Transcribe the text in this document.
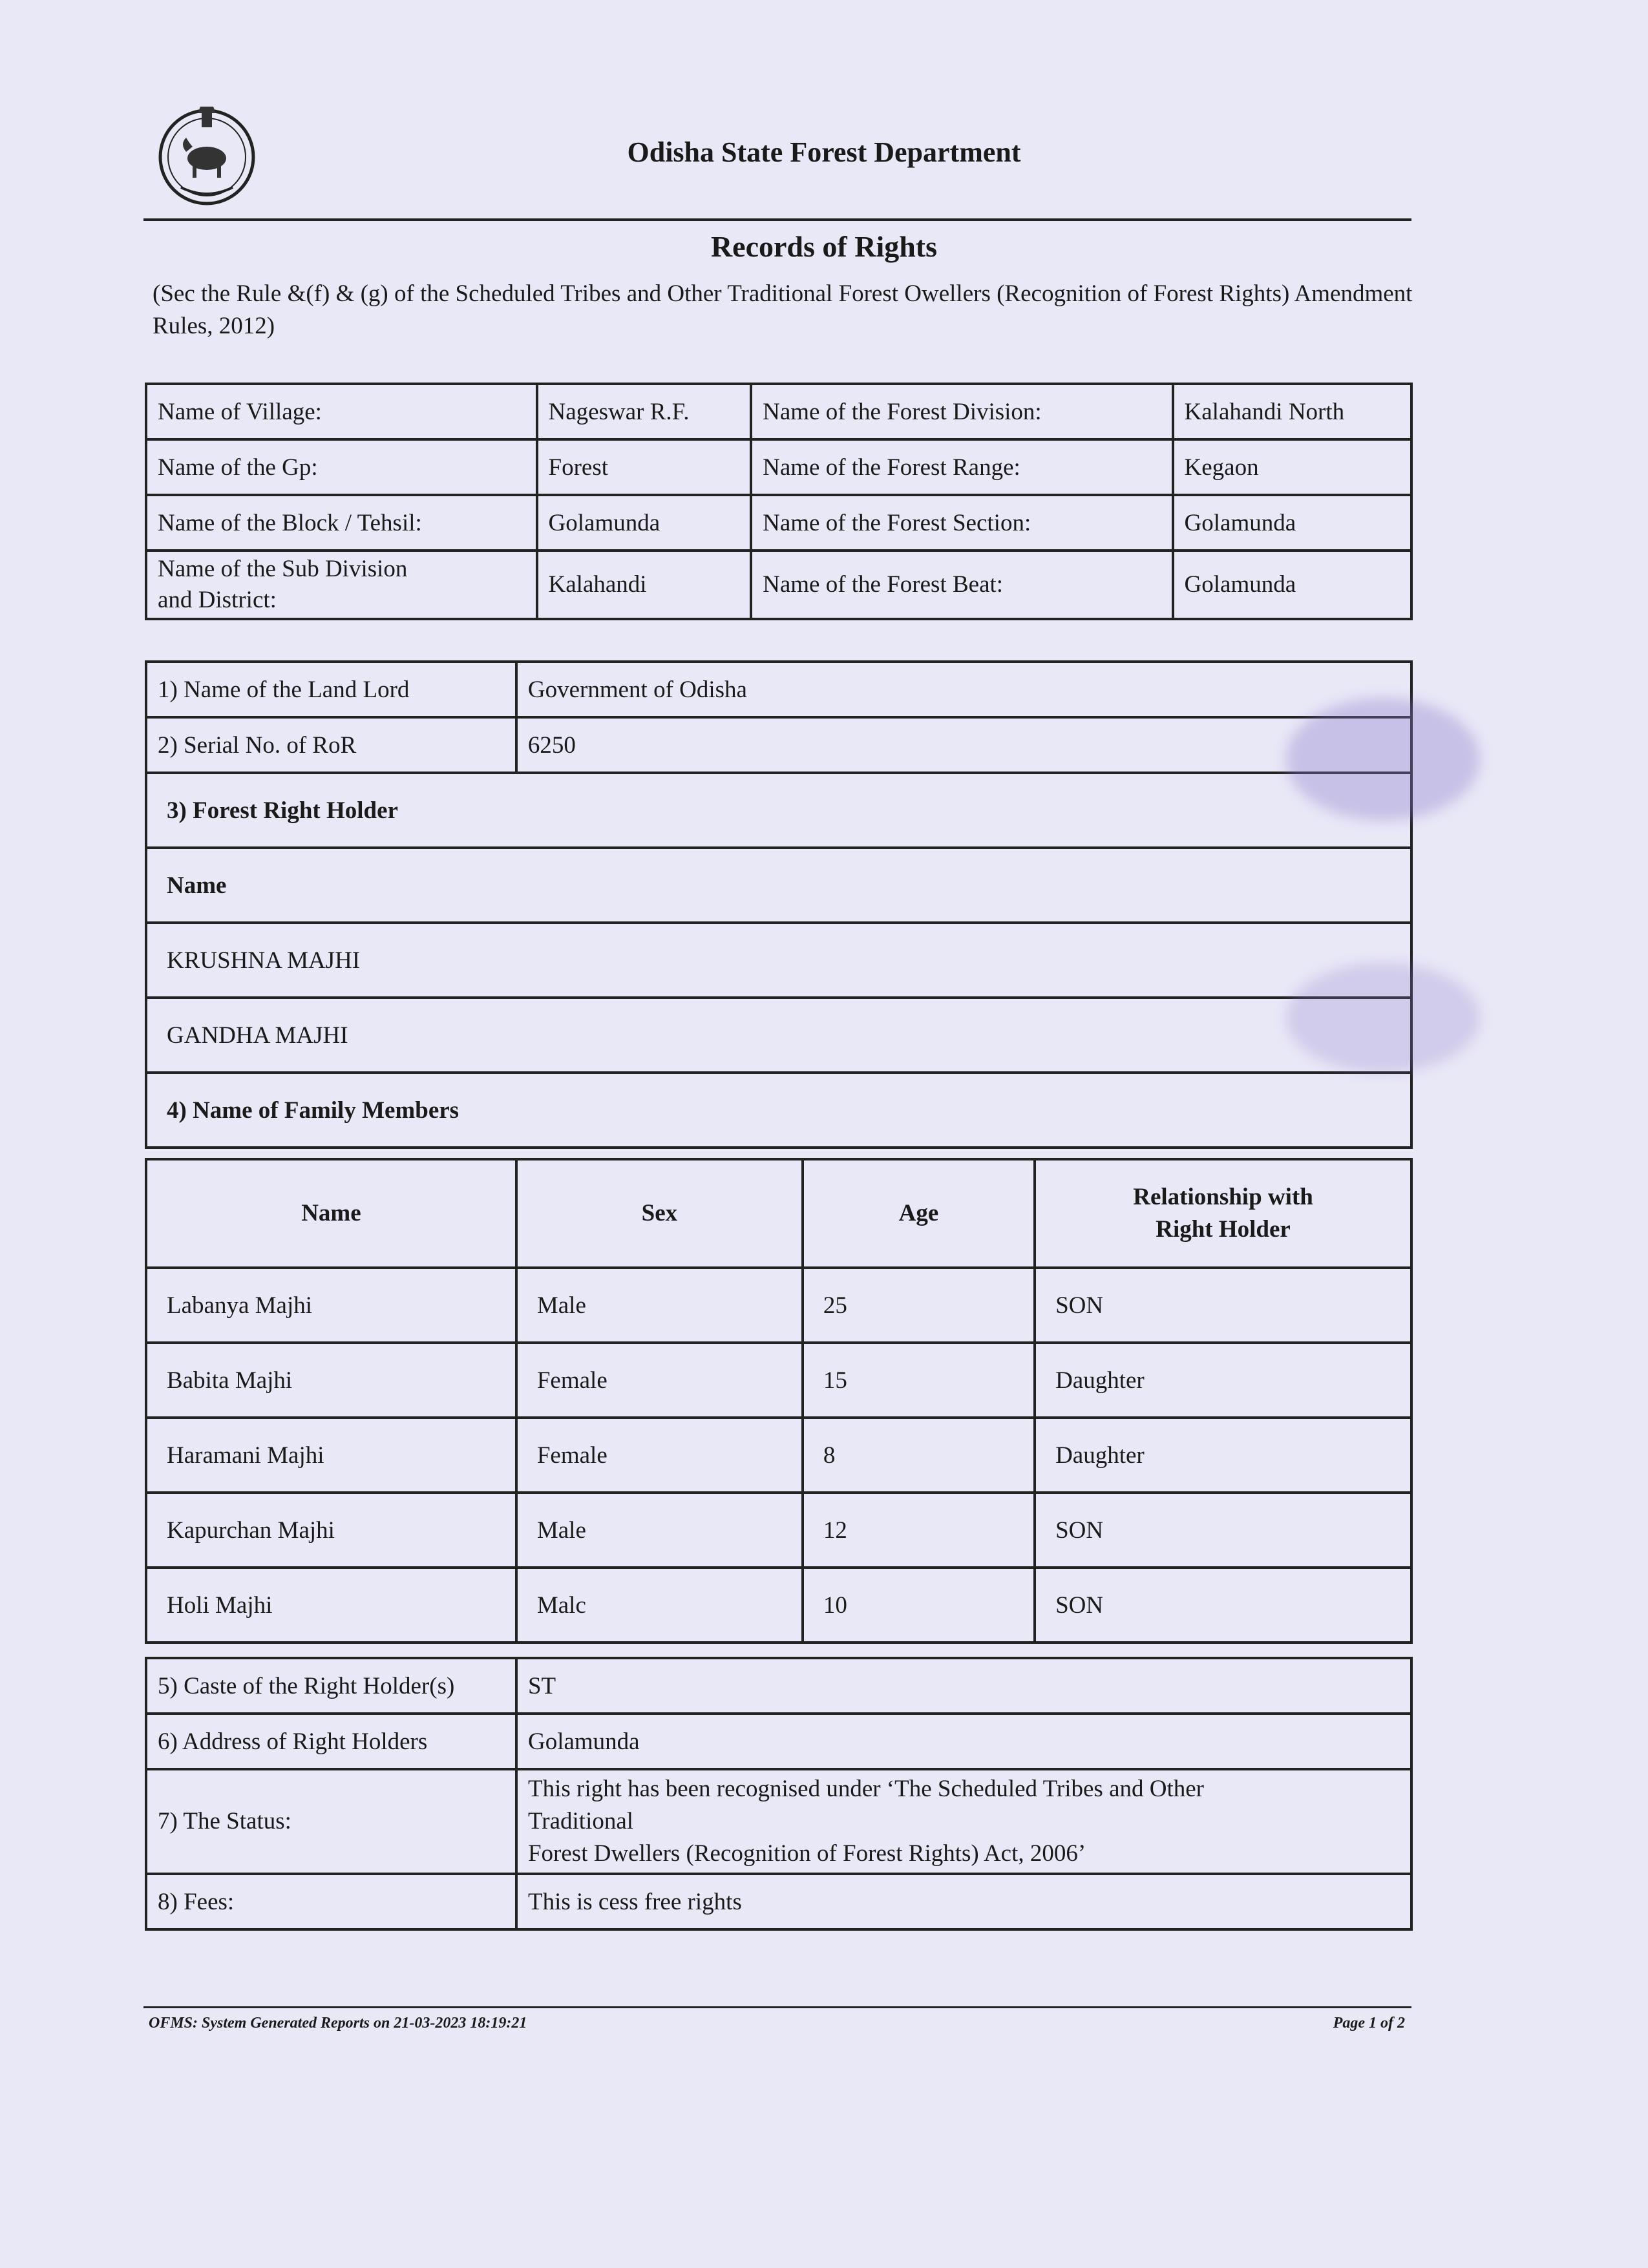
Odisha State Forest Department
Records of Rights

(Sec the Rule &(f) & (g) of the Scheduled Tribes and Other Traditional Forest Owellers (Recognition of Forest Rights) Amendment Rules, 2012)

Name of Village:	Nageswar R.F.	Name of the Forest Division:	Kalahandi North
Name of the Gp:	Forest	Name of the Forest Range:	Kegaon
Name of the Block / Tehsil:	Golamunda	Name of the Forest Section:	Golamunda

Name of the Sub Division
and District:	Kalahandi	Name of the Forest Beat:	Golamunda
1) Name of the Land Lord	Government of Odisha
2) Serial No. of RoR	6250
3) Forest Right Holder	
Name	
KRUSHNA MAJHI	
GANDHA MAJHI	
4) Name of Family Members	
Name	Sex	Age	Relationship with
Right Holder

Labanya Majhi	Male	25	SON
Babita Majhi	Female	15	Daughter
Haramani Majhi	Female	8	Daughter
Kapurchan Majhi	Male	12	SON
Holi Majhi	Malc	10	SON
5) Caste of the Right Holder(s)	ST
6) Address of Right Holders	Golamunda
7) The Status:	This right has been recognised under ‘The Scheduled Tribes and Other
Traditional
Forest Dwellers (Recognition of Forest Rights) Act, 2006’

8) Fees:	This is cess free rights
OFMS: System Generated Reports on 21-03-2023 18:19:21	Page 1 of 2
